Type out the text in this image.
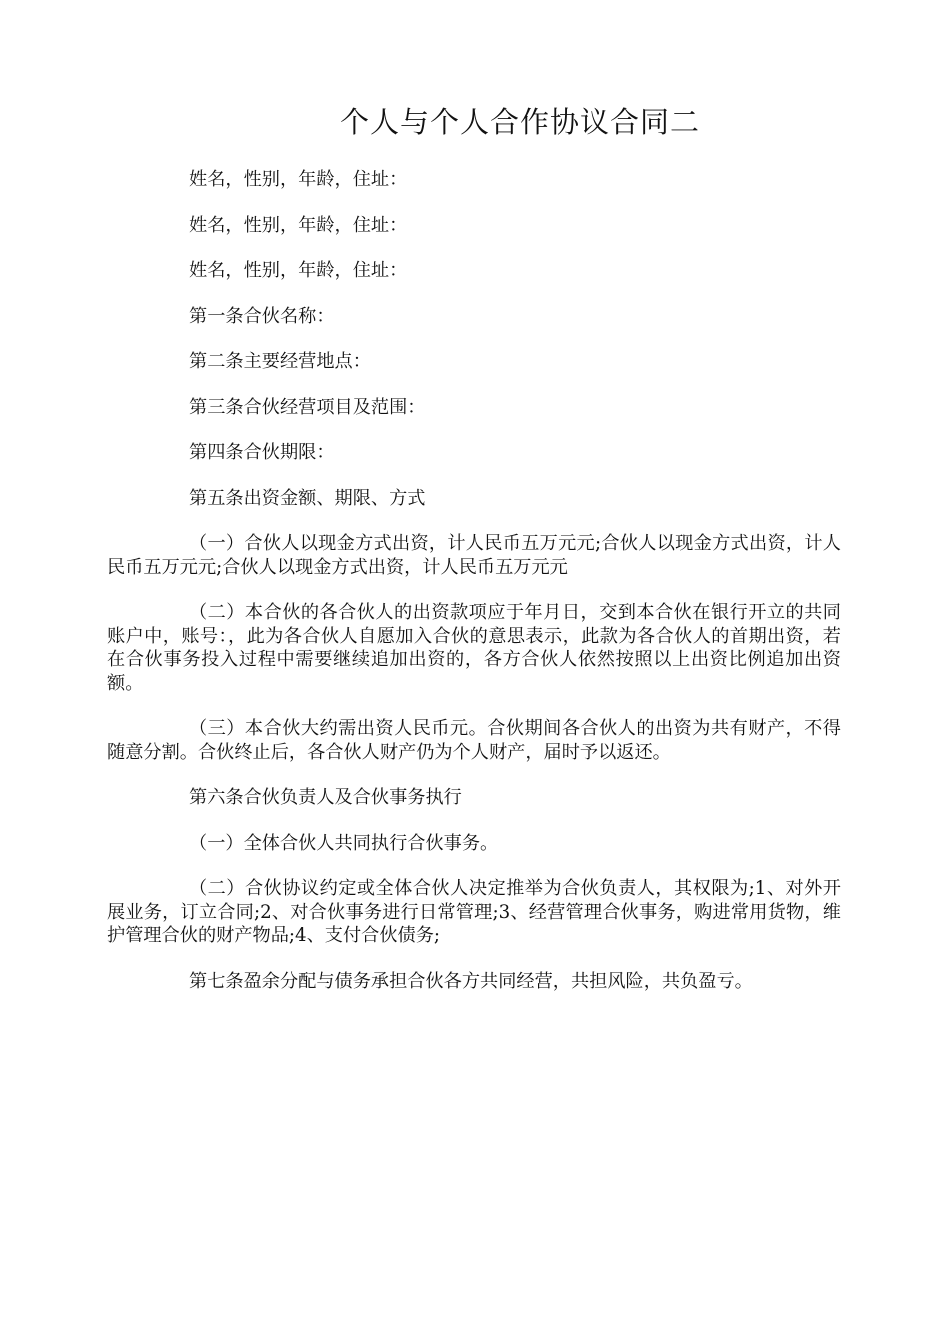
个人与个人合作协议合同二

姓名，性别，年龄，住址：

姓名，性别，年龄，住址：

姓名，性别，年龄，住址：

第一条合伙名称：

第二条主要经营地点：

第三条合伙经营项目及范围：

第四条合伙期限：

第五条出资金额、期限、方式

（一）合伙人以现金方式出资，计人民币五万元元;合伙人以现金方式出资，计人民币五万元元;合伙人以现金方式出资，计人民币五万元元

（二）本合伙的各合伙人的出资款项应于年月日，交到本合伙在银行开立的共同账户中，账号：，此为各合伙人自愿加入合伙的意思表示，此款为各合伙人的首期出资，若在合伙事务投入过程中需要继续追加出资的，各方合伙人依然按照以上出资比例追加出资额。

（三）本合伙大约需出资人民币元。合伙期间各合伙人的出资为共有财产，不得随意分割。合伙终止后，各合伙人财产仍为个人财产，届时予以返还。

第六条合伙负责人及合伙事务执行

（一）全体合伙人共同执行合伙事务。

（二）合伙协议约定或全体合伙人决定推举为合伙负责人，其权限为;1、对外开展业务，订立合同;2、对合伙事务进行日常管理;3、经营管理合伙事务，购进常用货物，维护管理合伙的财产物品;4、支付合伙债务;

第七条盈余分配与债务承担合伙各方共同经营，共担风险，共负盈亏。
